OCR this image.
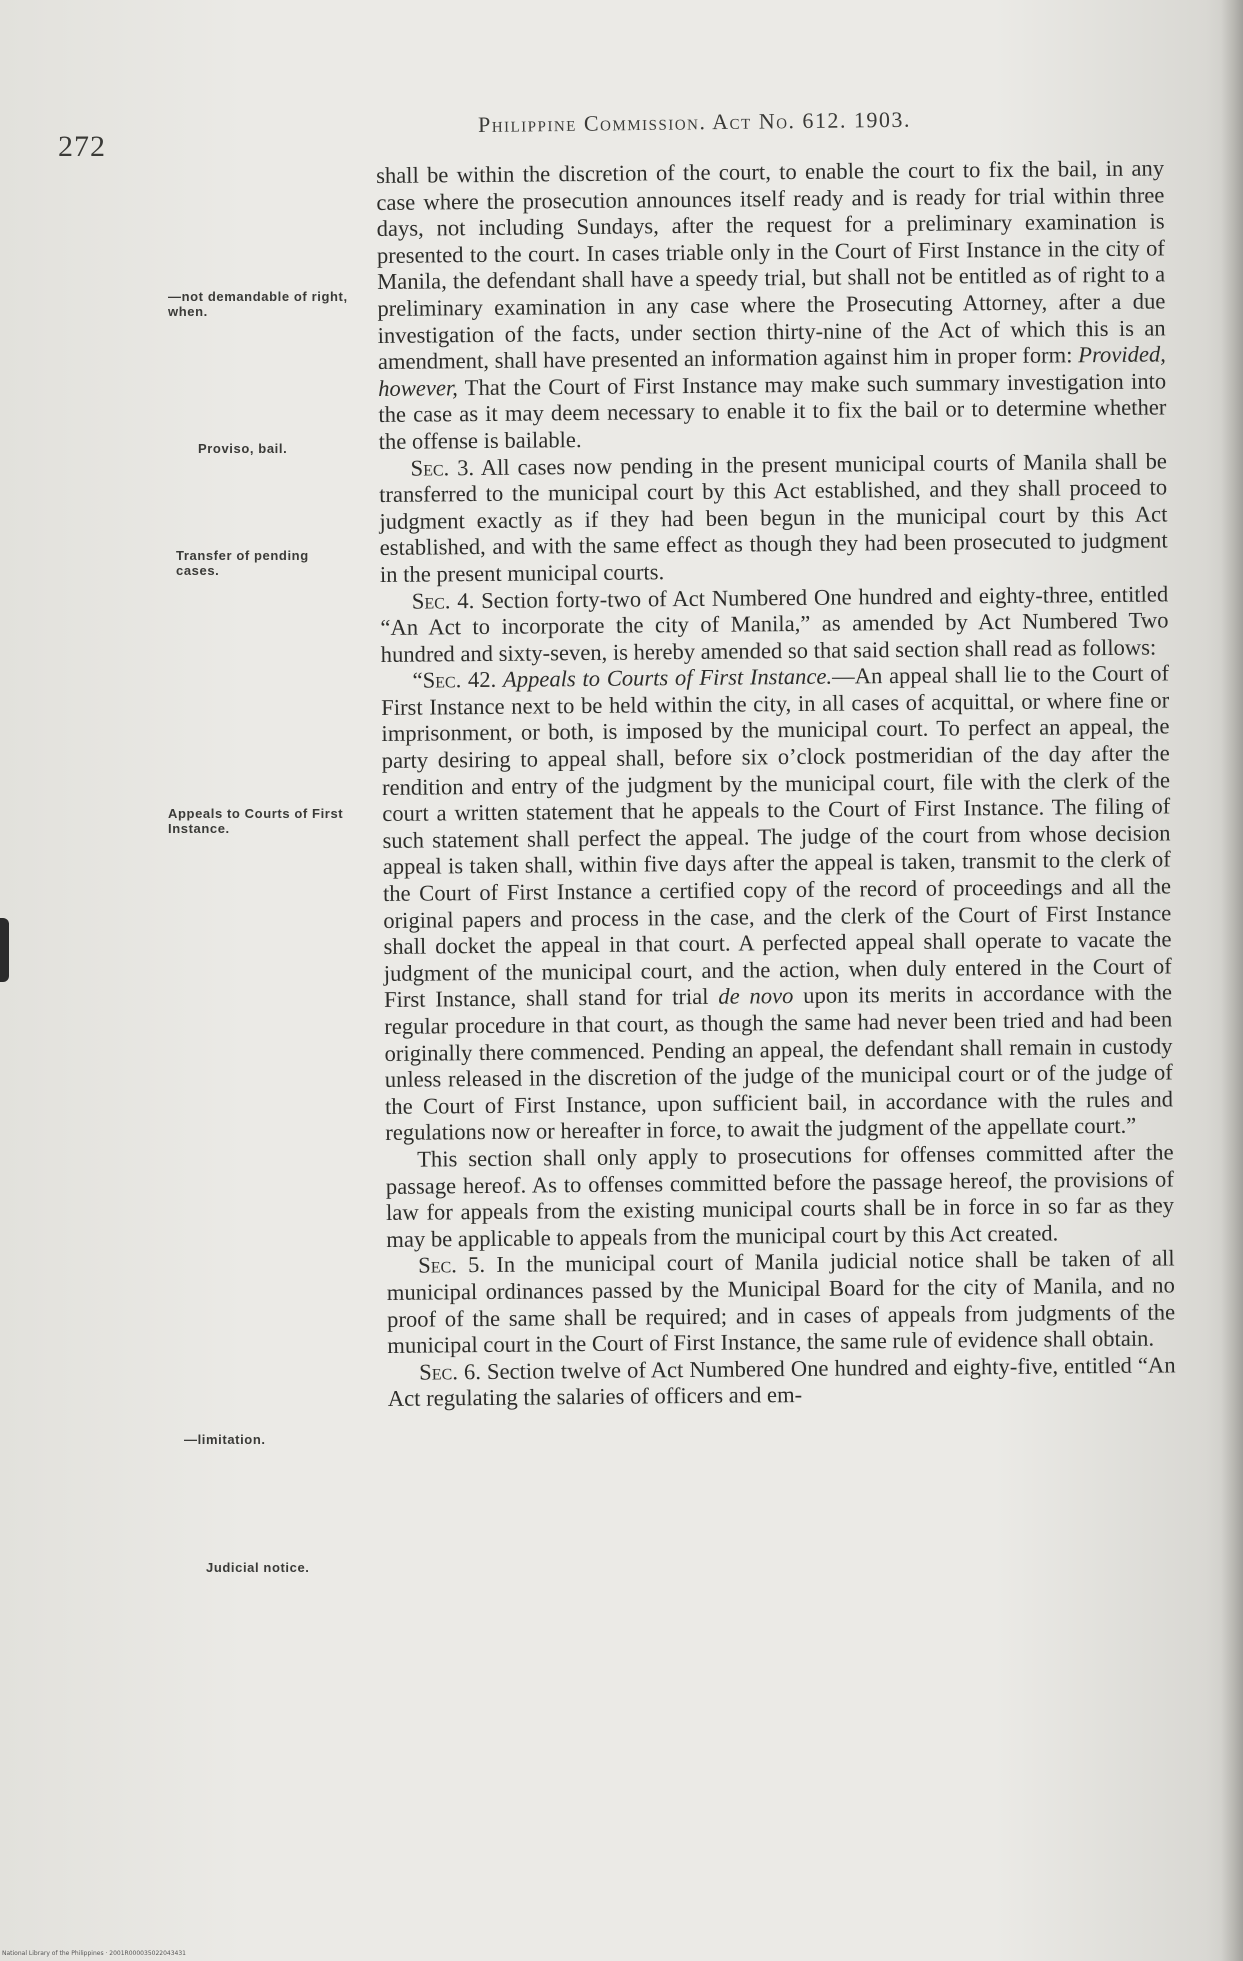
272
Philippine Commission. Act No. 612. 1903.
—not demandable of right, when.
Proviso, bail.
Transfer of pending cases.
Appeals to Courts of First Instance.
—limitation.
Judicial notice.

shall be within the discretion of the court, to enable the court to fix the bail, in any case where the prosecution announces itself ready and is ready for trial within three days, not including Sundays, after the request for a preliminary examination is presented to the court. In cases triable only in the Court of First Instance in the city of Manila, the defendant shall have a speedy trial, but shall not be entitled as of right to a preliminary examination in any case where the Prosecuting Attorney, after a due investigation of the facts, under section thirty-nine of the Act of which this is an amendment, shall have presented an information against him in proper form: Provided, however, That the Court of First Instance may make such summary investigation into the case as it may deem necessary to enable it to fix the bail or to determine whether the offense is bailable.

Sec. 3. All cases now pending in the present municipal courts of Manila shall be transferred to the municipal court by this Act established, and they shall proceed to judgment exactly as if they had been begun in the municipal court by this Act established, and with the same effect as though they had been prosecuted to judgment in the present municipal courts.

Sec. 4. Section forty-two of Act Numbered One hundred and eighty-three, entitled “An Act to incorporate the city of Manila,” as amended by Act Numbered Two hundred and sixty-seven, is hereby amended so that said section shall read as follows:

“Sec. 42. Appeals to Courts of First Instance.—An appeal shall lie to the Court of First Instance next to be held within the city, in all cases of acquittal, or where fine or imprisonment, or both, is imposed by the municipal court. To perfect an appeal, the party desiring to appeal shall, before six o’clock postmeridian of the day after the rendition and entry of the judgment by the municipal court, file with the clerk of the court a written statement that he appeals to the Court of First Instance. The filing of such statement shall perfect the appeal. The judge of the court from whose decision appeal is taken shall, within five days after the appeal is taken, transmit to the clerk of the Court of First Instance a certified copy of the record of proceedings and all the original papers and process in the case, and the clerk of the Court of First Instance shall docket the appeal in that court. A perfected appeal shall operate to vacate the judgment of the municipal court, and the action, when duly entered in the Court of First Instance, shall stand for trial de novo upon its merits in accordance with the regular procedure in that court, as though the same had never been tried and had been originally there commenced. Pending an appeal, the defendant shall remain in custody unless released in the discretion of the judge of the municipal court or of the judge of the Court of First Instance, upon sufficient bail, in accordance with the rules and regulations now or hereafter in force, to await the judgment of the appellate court.”

This section shall only apply to prosecutions for offenses committed after the passage hereof. As to offenses committed before the passage hereof, the provisions of law for appeals from the existing municipal courts shall be in force in so far as they may be applicable to appeals from the municipal court by this Act created.

Sec. 5. In the municipal court of Manila judicial notice shall be taken of all municipal ordinances passed by the Municipal Board for the city of Manila, and no proof of the same shall be required; and in cases of appeals from judgments of the municipal court in the Court of First Instance, the same rule of evidence shall obtain.

Sec. 6. Section twelve of Act Numbered One hundred and eighty-five, entitled “An Act regulating the salaries of officers and em-

National Library of the Philippines · 2001R000035022043431
